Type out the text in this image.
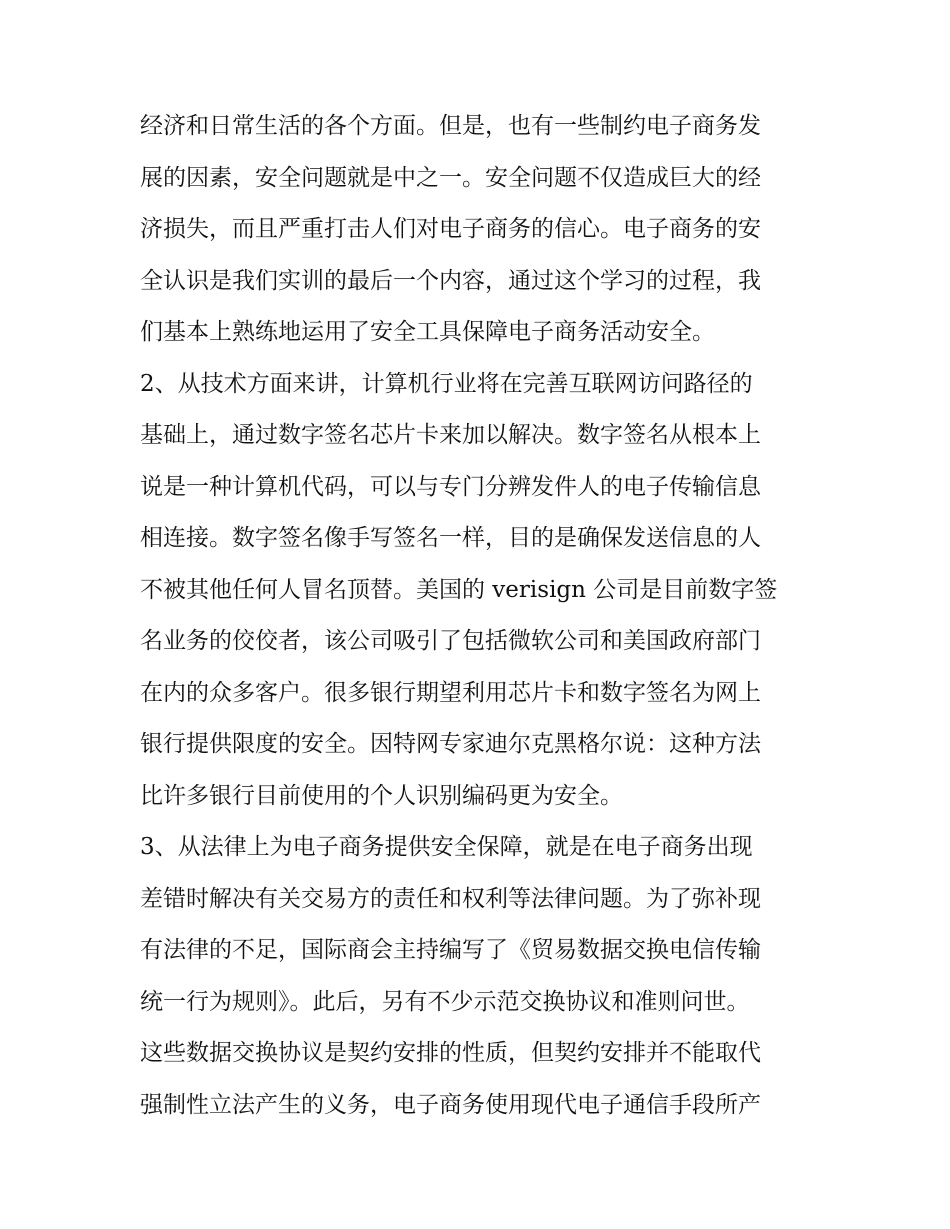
经济和日常生活的各个方面。但是，也有一些制约电子商务发
展的因素，安全问题就是中之一。安全问题不仅造成巨大的经
济损失，而且严重打击人们对电子商务的信心。电子商务的安
全认识是我们实训的最后一个内容，通过这个学习的过程，我
们基本上熟练地运用了安全工具保障电子商务活动安全。
2、从技术方面来讲，计算机行业将在完善互联网访问路径的
基础上，通过数字签名芯片卡来加以解决。数字签名从根本上
说是一种计算机代码，可以与专门分辨发件人的电子传输信息
相连接。数字签名像手写签名一样，目的是确保发送信息的人
不被其他任何人冒名顶替。美国的 verisign 公司是目前数字签
名业务的佼佼者，该公司吸引了包括微软公司和美国政府部门
在内的众多客户。很多银行期望利用芯片卡和数字签名为网上
银行提供限度的安全。因特网专家迪尔克黑格尔说：这种方法
比许多银行目前使用的个人识别编码更为安全。
3、从法律上为电子商务提供安全保障，就是在电子商务出现
差错时解决有关交易方的责任和权利等法律问题。为了弥补现
有法律的不足，国际商会主持编写了《贸易数据交换电信传输
统一行为规则》。此后，另有不少示范交换协议和准则问世。
这些数据交换协议是契约安排的性质，但契约安排并不能取代
强制性立法产生的义务，电子商务使用现代电子通信手段所产
